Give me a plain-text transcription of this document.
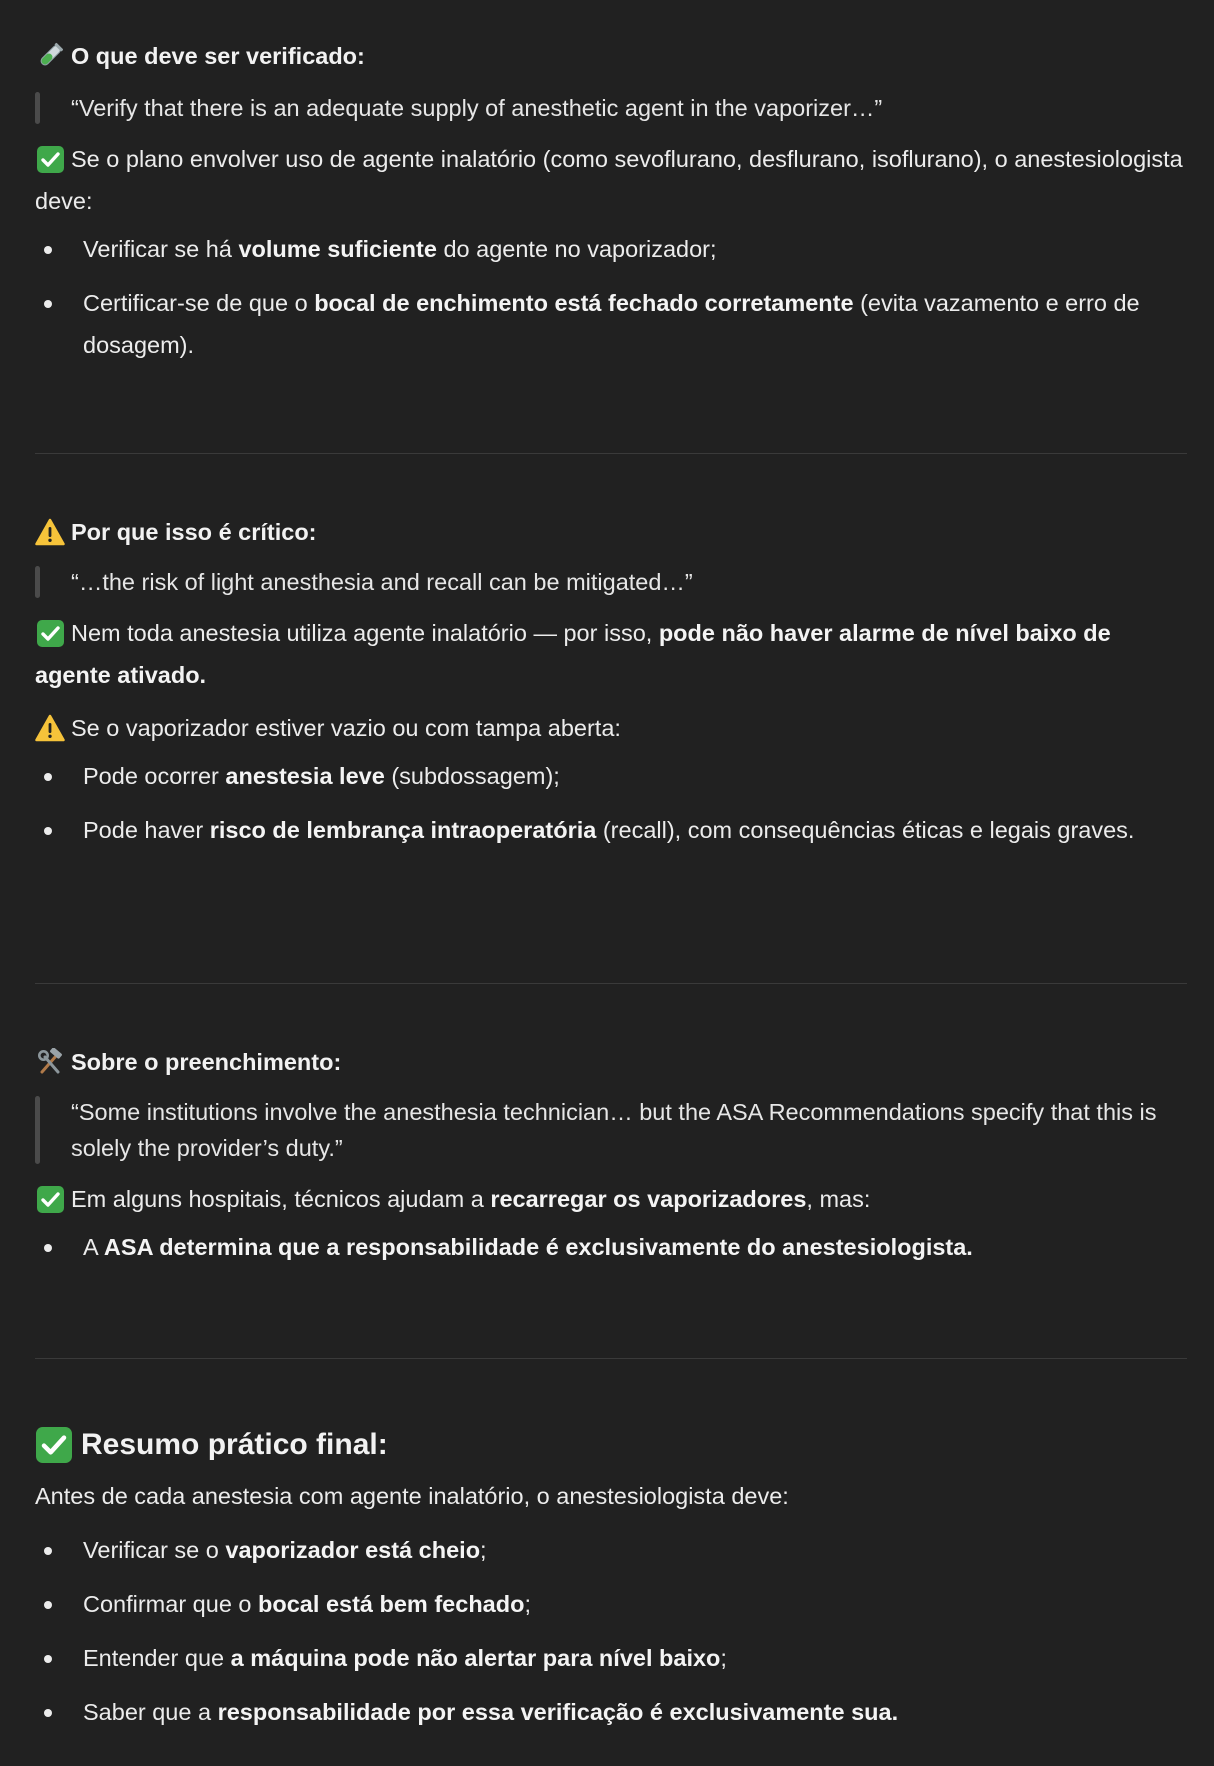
O que deve ser verificado:
“Verify that there is an adequate supply of anesthetic agent in the vaporizer…”

Se o plano envolver uso de agente inalatório (como sevoflurano, desflurano, isoflurano), o anestesiologista deve:

Verificar se há volume suficiente do agente no vaporizador;
Certificar-se de que o bocal de enchimento está fechado corretamente (evita vazamento e erro de dosagem).
Por que isso é crítico:
“…the risk of light anesthesia and recall can be mitigated…”

Nem toda anestesia utiliza agente inalatório — por isso, pode não haver alarme de nível baixo de agente ativado.

Se o vaporizador estiver vazio ou com tampa aberta:

Pode ocorrer anestesia leve (subdossagem);
Pode haver risco de lembrança intraoperatória (recall), com consequências éticas e legais graves.
Sobre o preenchimento:
“Some institutions involve the anesthesia technician… but the ASA Recommendations specify that this is solely the provider’s duty.”

Em alguns hospitais, técnicos ajudam a recarregar os vaporizadores, mas:

A ASA determina que a responsabilidade é exclusivamente do anestesiologista.
Resumo prático final:

Antes de cada anestesia com agente inalatório, o anestesiologista deve:

Verificar se o vaporizador está cheio;
Confirmar que o bocal está bem fechado;
Entender que a máquina pode não alertar para nível baixo;
Saber que a responsabilidade por essa verificação é exclusivamente sua.
